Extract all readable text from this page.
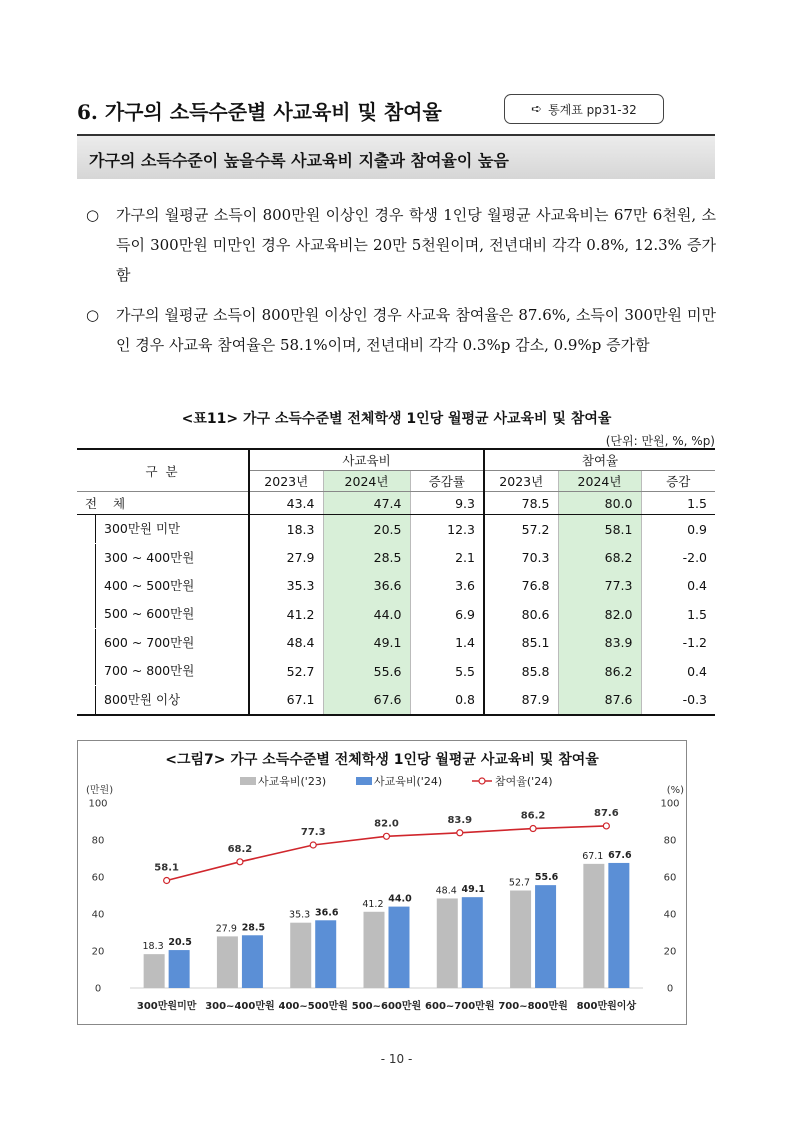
6. 가구의 소득수준별 사교육비 및 참여율	➪ 통계표 pp31-32
가구의 소득수준이 높을수록 사교육비 지출과 참여율이 높음
○ 가구의 월평균 소득이 800만원 이상인 경우 학생 1인당 월평균 사교육비는 67만 6천원, 소득이 300만원 미만인 경우 사교육비는 20만 5천원이며, 전년대비 각각 0.8%, 12.3% 증가함
○ 가구의 월평균 소득이 800만원 이상인 경우 사교육 참여율은 87.6%, 소득이 300만원 미만인 경우 사교육 참여율은 58.1%이며, 전년대비 각각 0.3%p 감소, 0.9%p 증가함
<표11> 가구 소득수준별 전체학생 1인당 월평균 사교육비 및 참여율
(단위: 만원, %, %p)
구 분	사교육비			참여율		
	2023년	2024년	증감률	2023년	2024년	증감
전 체	43.4	47.4	9.3	78.5	80.0	1.5

300만원 미만	18.3	20.5	12.3	57.2	58.1	0.9

300 ~ 400만원	27.9	28.5	2.1	70.3	68.2	-2.0

400 ~ 500만원	35.3	36.6	3.6	76.8	77.3	0.4

500 ~ 600만원	41.2	44.0	6.9	80.6	82.0	1.5

600 ~ 700만원	48.4	49.1	1.4	85.1	83.9	-1.2

700 ~ 800만원	52.7	55.6	5.5	85.8	86.2	0.4

800만원 이상	67.1	67.6	0.8	87.9	87.6	-0.3
<그림7> 가구 소득수준별 전체학생 1인당 월평균 사교육비 및 참여율
(만원)	(%)
0	0
20	20
40	40
60	60
80	80
100	100
사교육비('23)	사교육비('24)	참여율('24)
18.3 20.5
300만원미만
27.9 28.5
300~400만원
35.3 36.6
400~500만원
41.2 44.0
500~600만원
48.4 49.1
600~700만원
52.7 55.6
700~800만원
67.1 67.6
800만원이상
58.1
68.2
77.3
82.0	83.9	86.2	87.6
- 10 -
